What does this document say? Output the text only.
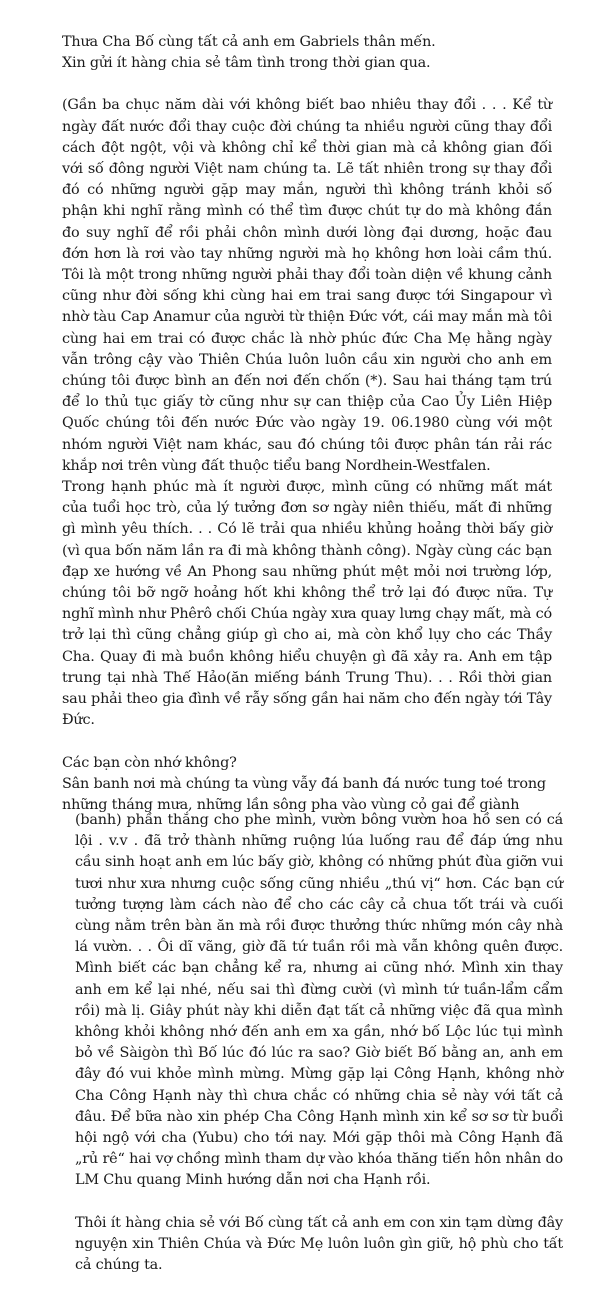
Thưa Cha Bố cùng tất cả anh em Gabriels thân mến.

Xin gửi ít hàng chia sẻ tâm tình trong thời gian qua.

(Gần ba chục năm dài với không biết bao nhiêu thay đổi . . . Kể từ ngày đất nước đổi thay cuộc đời chúng ta nhiều người cũng thay đổi cách đột ngột, vội và không chỉ kể thời gian mà cả không gian đối với số đông người Việt nam chúng ta. Lẽ tất nhiên trong sự thay đổi đó có những người gặp may mắn, người thì không tránh khỏi số phận khi nghĩ rằng mình có thể tìm được chút tự do mà không đắn đo suy nghĩ để rồi phải chôn mình dưới lòng đại dương, hoặc đau đớn hơn là rơi vào tay những người mà họ không hơn loài cầm thú. Tôi là một trong những người phải thay đổi toàn diện về khung cảnh cũng như đời sống khi cùng hai em trai sang được tới Singapour vì nhờ tàu Cap Anamur của người từ thiện Đức vớt, cái may mắn mà tôi cùng hai em trai có được chắc là nhờ phúc đức Cha Mẹ hằng ngày vẫn trông cậy vào Thiên Chúa luôn luôn cầu xin người cho anh em chúng tôi được bình an đến nơi đến chốn (*). Sau hai tháng tạm trú để lo thủ tục giấy tờ cũng như sự can thiệp của Cao Ủy Liên Hiệp Quốc chúng tôi đến nước Đức vào ngày 19. 06.1980 cùng với một nhóm người Việt nam khác, sau đó chúng tôi được phân tán rải rác khắp nơi trên vùng đất thuộc tiểu bang Nordhein-Westfalen.

Trong hạnh phúc mà ít người được, mình cũng có những mất mát của tuổi học trò, của lý tưởng đơn sơ ngày niên thiếu, mất đi những gì mình yêu thích. . . Có lẽ trải qua nhiều khủng hoảng thời bấy giờ (vì qua bốn năm lần ra đi mà không thành công). Ngày cùng các bạn đạp xe hướng về An Phong sau những phút mệt mỏi nơi trường lớp, chúng tôi bỡ ngỡ hoảng hốt khi không thể trở lại đó được nữa. Tự nghĩ mình như Phêrô chối Chúa ngày xưa quay lưng chạy mất, mà có trở lại thì cũng chẳng giúp gì cho ai, mà còn khổ lụy cho các Thầy Cha. Quay đi mà buồn không hiểu chuyện gì đã xảy ra. Anh em tập trung tại nhà Thế Hảo(ăn miếng bánh Trung Thu). . . Rồi thời gian sau phải theo gia đình về rẫy sống gần hai năm cho đến ngày tới Tây Đức.

Các bạn còn nhớ không?

Sân banh nơi mà chúng ta vùng vẫy đá banh đá nước tung toé trong

những tháng mưa, những lần sông pha vào vùng cỏ gai để giành

(banh) phần thắng cho phe mình, vườn bông vườn hoa hồ sen có cá lội . v.v . đã trở thành những ruộng lúa luống rau để đáp ứng nhu cầu sinh hoạt anh em lúc bấy giờ, không có những phút đùa giỡn vui tươi như xưa nhưng cuộc sống cũng nhiều „thú vị“ hơn. Các bạn cứ tưởng tượng làm cách nào để cho các cây cả chua tốt trái và cuối cùng nằm trên bàn ăn mà rồi được thưởng thức những món cây nhà lá vườn. . . Ôi dĩ vãng, giờ đã tứ tuần rồi mà vẫn không quên được. Mình biết các bạn chẳng kể ra, nhưng ai cũng nhớ. Mình xin thay anh em kể lại nhé, nếu sai thì đừng cười (vì mình tứ tuần-lẩm cẩm rồi) mà lị. Giây phút này khi diễn đạt tất cả những việc đã qua mình không khỏi không nhớ đến anh em xa gần, nhớ bố Lộc lúc tụi mình bỏ về Sàigòn thì Bố lúc đó lúc ra sao? Giờ biết Bố bằng an, anh em đây đó vui khỏe mình mừng. Mừng gặp lại Công Hạnh, không nhờ Cha Công Hạnh này thì chưa chắc có những chia sẻ này với tất cả đâu. Để bữa nào xin phép Cha Công Hạnh mình xin kể sơ sơ từ buổi hội ngộ với cha (Yubu) cho tới nay. Mới gặp thôi mà Công Hạnh đã „rủ rê“ hai vợ chồng mình tham dự vào khóa thăng tiến hôn nhân do LM Chu quang Minh hướng dẫn nơi cha Hạnh rồi.

Thôi ít hàng chia sẻ với Bố cùng tất cả anh em con xin tạm dừng đây nguyện xin Thiên Chúa và Đức Mẹ luôn luôn gìn giữ, hộ phù cho tất cả chúng ta.
